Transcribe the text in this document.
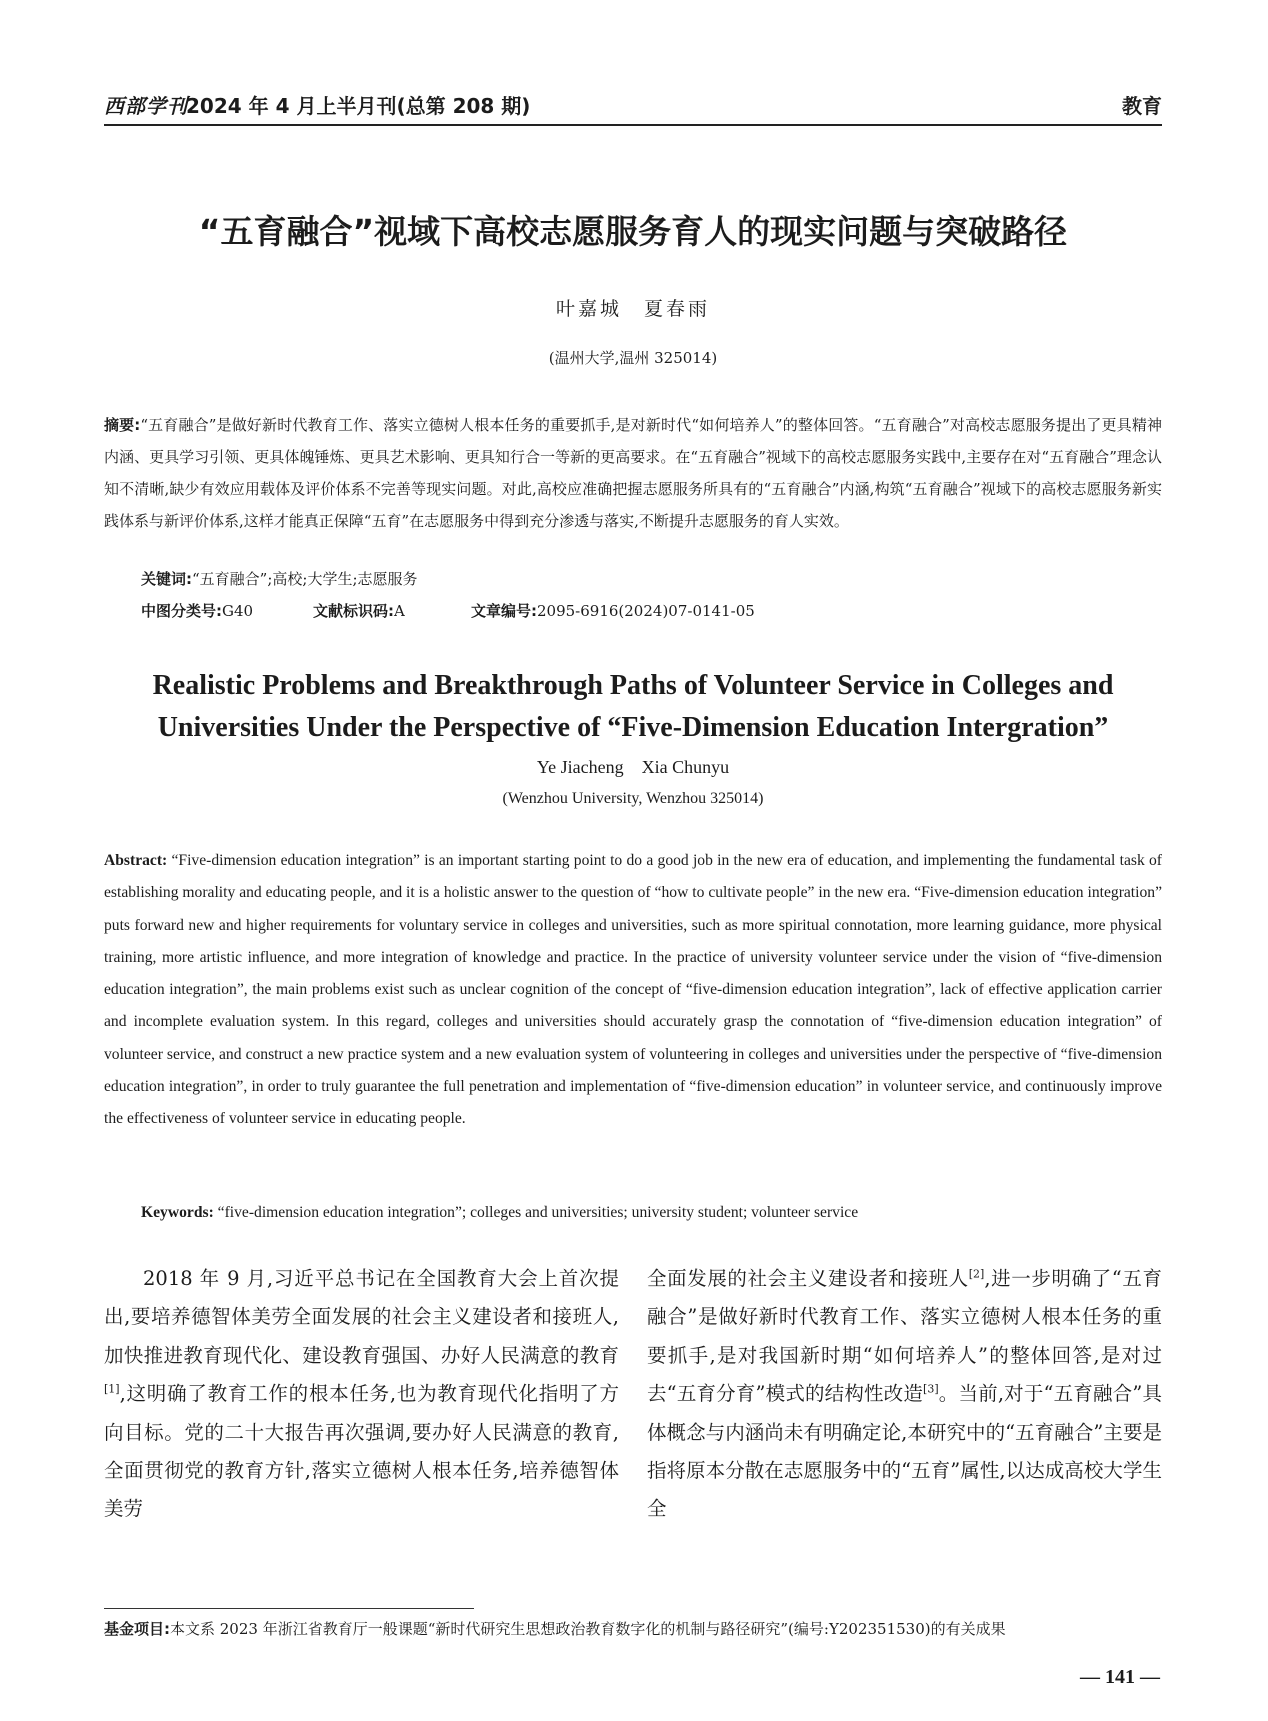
西部学刊
2024 年 4 月上半月刊(总第 208 期)	教育
“五育融合”视域下高校志愿服务育人的现实问题与突破路径
叶嘉城　夏春雨
(温州大学,温州 325014)
摘要:“五育融合”是做好新时代教育工作、落实立德树人根本任务的重要抓手,是对新时代“如何培养人”的整体回答。“五育融合”对高校志愿服务提出了更具精神内涵、更具学习引领、更具体魄锤炼、更具艺术影响、更具知行合一等新的更高要求。在“五育融合”视域下的高校志愿服务实践中,主要存在对“五育融合”理念认知不清晰,缺少有效应用载体及评价体系不完善等现实问题。对此,高校应准确把握志愿服务所具有的“五育融合”内涵,构筑“五育融合”视域下的高校志愿服务新实践体系与新评价体系,这样才能真正保障“五育”在志愿服务中得到充分渗透与落实,不断提升志愿服务的育人实效。
关键词:“五育融合”;高校;大学生;志愿服务
中图分类号:G40	文献标识码:A	文章编号:2095-6916(2024)07-0141-05
Realistic Problems and Breakthrough Paths of Volunteer Service in Colleges and Universities Under the Perspective of “Five-Dimension Education Intergration”
Ye Jiacheng　Xia Chunyu
(Wenzhou University, Wenzhou 325014)
Abstract: “Five-dimension education integration” is an important starting point to do a good job in the new era of education, and implementing the fundamental task of establishing morality and educating people, and it is a holistic answer to the question of “how to cultivate people” in the new era. “Five-dimension education integration” puts forward new and higher requirements for voluntary service in colleges and universities, such as more spiritual connotation, more learning guidance, more physical training, more artistic influence, and more integration of knowledge and practice. In the practice of university volunteer service under the vision of “five-dimension education integration”, the main problems exist such as unclear cognition of the concept of “five-dimension education integration”, lack of effective application carrier and incomplete evaluation system. In this regard, colleges and universities should accurately grasp the connotation of “five-dimension education integration” of volunteer service, and construct a new practice system and a new evaluation system of volunteering in colleges and universities under the perspective of “five-dimension education integration”, in order to truly guarantee the full penetration and implementation of “five-dimension education” in volunteer service, and continuously improve the effectiveness of volunteer service in educating people.
Keywords: “five-dimension education integration”; colleges and universities; university student; volunteer service
2018 年 9 月,习近平总书记在全国教育大会上首次提出,要培养德智体美劳全面发展的社会主义建设者和接班人,加快推进教育现代化、建设教育强国、办好人民满意的教育[1],这明确了教育工作的根本任务,也为教育现代化指明了方向目标。党的二十大报告再次强调,要办好人民满意的教育,全面贯彻党的教育方针,落实立德树人根本任务,培养德智体美劳
全面发展的社会主义建设者和接班人[2],进一步明确了“五育融合”是做好新时代教育工作、落实立德树人根本任务的重要抓手,是对我国新时期“如何培养人”的整体回答,是对过去“五育分育”模式的结构性改造[3]。当前,对于“五育融合”具体概念与内涵尚未有明确定论,本研究中的“五育融合”主要是指将原本分散在志愿服务中的“五育”属性,以达成高校大学生全
基金项目:本文系 2023 年浙江省教育厅一般课题“新时代研究生思想政治教育数字化的机制与路径研究”(编号:Y202351530)的有关成果
— 141 —
